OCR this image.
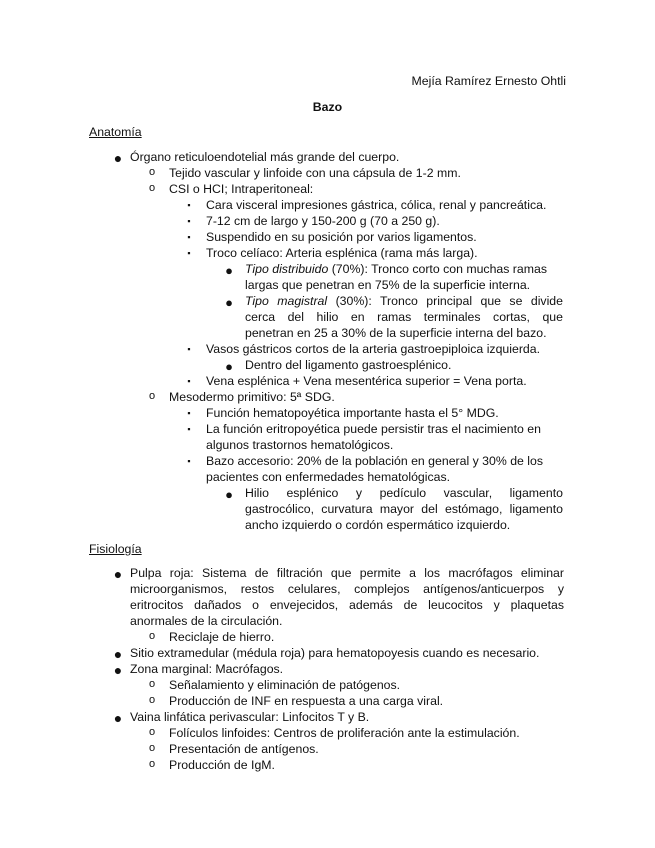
Mejía Ramírez Ernesto Ohtli
Bazo
Anatomía
● Órgano reticuloendotelial más grande del cuerpo.
o	Tejido vascular y linfoide con una cápsula de 1-2 mm.
o	CSI o HCI; Intraperitoneal:
▪	Cara visceral impresiones gástrica, cólica, renal y pancreática.
▪	7-12 cm de largo y 150-200 g (70 a 250 g).
▪	Suspendido en su posición por varios ligamentos.
▪	Troco celíaco: Arteria esplénica (rama más larga).
● Tipo distribuido (70%): Tronco corto con muchas ramas
largas que penetran en 75% de la superficie interna.
● Tipo magistral (30%): Tronco principal que se divide
cerca del hilio en ramas terminales cortas, que
penetran en 25 a 30% de la superficie interna del bazo.
▪	Vasos gástricos cortos de la arteria gastroepiploica izquierda.
● Dentro del ligamento gastroesplénico.
▪	Vena esplénica + Vena mesentérica superior = Vena porta.
o	Mesodermo primitivo: 5ª SDG.
▪	Función hematopoyética importante hasta el 5° MDG.
▪	La función eritropoyética puede persistir tras el nacimiento en
algunos trastornos hematológicos.
▪	Bazo accesorio: 20% de la población en general y 30% de los
pacientes con enfermedades hematológicas.
● Hilio esplénico y pedículo vascular, ligamento
gastrocólico, curvatura mayor del estómago, ligamento
ancho izquierdo o cordón espermático izquierdo.
Fisiología
● Pulpa roja: Sistema de filtración que permite a los macrófagos eliminar
microorganismos, restos celulares, complejos antígenos/anticuerpos y
eritrocitos dañados o envejecidos, además de leucocitos y plaquetas
anormales de la circulación.
o	Reciclaje de hierro.
● Sitio extramedular (médula roja) para hematopoyesis cuando es necesario.
● Zona marginal: Macrófagos.
o	Señalamiento y eliminación de patógenos.
o	Producción de INF en respuesta a una carga viral.
● Vaina linfática perivascular: Linfocitos T y B.
o	Folículos linfoides: Centros de proliferación ante la estimulación.
o	Presentación de antígenos.
o	Producción de IgM.
